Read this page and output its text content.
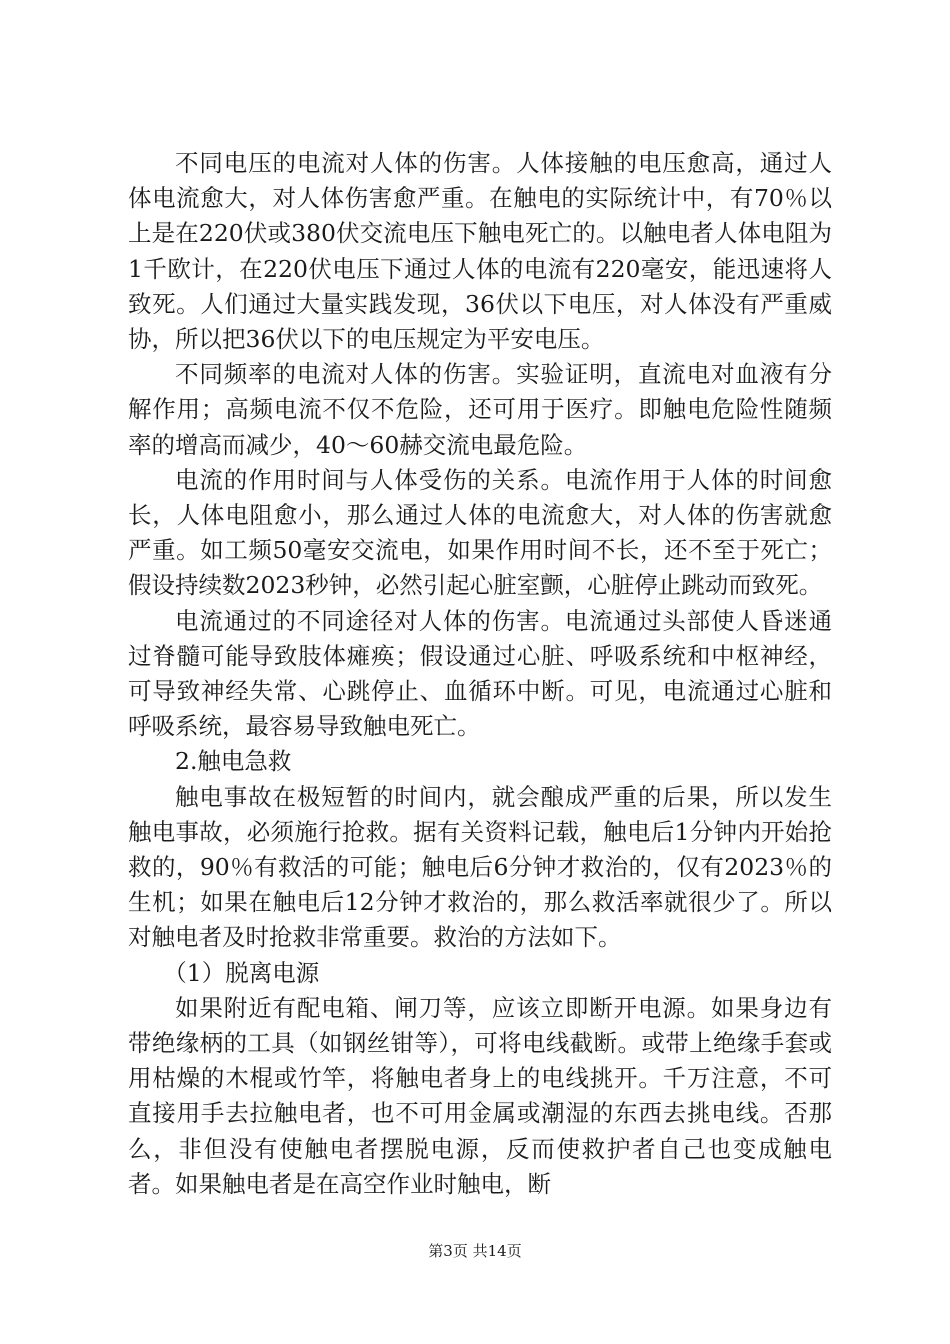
不同电压的电流对人体的伤害。人体接触的电压愈高，通过人体电流愈大，对人体伤害愈严重。在触电的实际统计中，有70％以上是在220伏或380伏交流电压下触电死亡的。以触电者人体电阻为1千欧计，在220伏电压下通过人体的电流有220毫安，能迅速将人致死。人们通过大量实践发现，36伏以下电压，对人体没有严重威协，所以把36伏以下的电压规定为平安电压。

不同频率的电流对人体的伤害。实验证明，直流电对血液有分解作用；高频电流不仅不危险，还可用于医疗。即触电危险性随频率的增高而减少，40～60赫交流电最危险。

电流的作用时间与人体受伤的关系。电流作用于人体的时间愈长，人体电阻愈小，那么通过人体的电流愈大，对人体的伤害就愈严重。如工频50毫安交流电，如果作用时间不长，还不至于死亡；假设持续数2023秒钟，必然引起心脏室颤，心脏停止跳动而致死。

电流通过的不同途径对人体的伤害。电流通过头部使人昏迷通过脊髓可能导致肢体瘫痪；假设通过心脏、呼吸系统和中枢神经，可导致神经失常、心跳停止、血循环中断。可见，电流通过心脏和呼吸系统，最容易导致触电死亡。

2.触电急救

触电事故在极短暂的时间内，就会酿成严重的后果，所以发生触电事故，必须施行抢救。据有关资料记载，触电后1分钟内开始抢救的，90％有救活的可能；触电后6分钟才救治的，仅有2023％的生机；如果在触电后12分钟才救治的，那么救活率就很少了。所以对触电者及时抢救非常重要。救治的方法如下。

（1）脱离电源

如果附近有配电箱、闸刀等，应该立即断开电源。如果身边有带绝缘柄的工具（如钢丝钳等），可将电线截断。或带上绝缘手套或用枯燥的木棍或竹竿，将触电者身上的电线挑开。千万注意，不可直接用手去拉触电者，也不可用金属或潮湿的东西去挑电线。否那么，非但没有使触电者摆脱电源，反而使救护者自己也变成触电者。如果触电者是在高空作业时触电，断

第3页 共14页
